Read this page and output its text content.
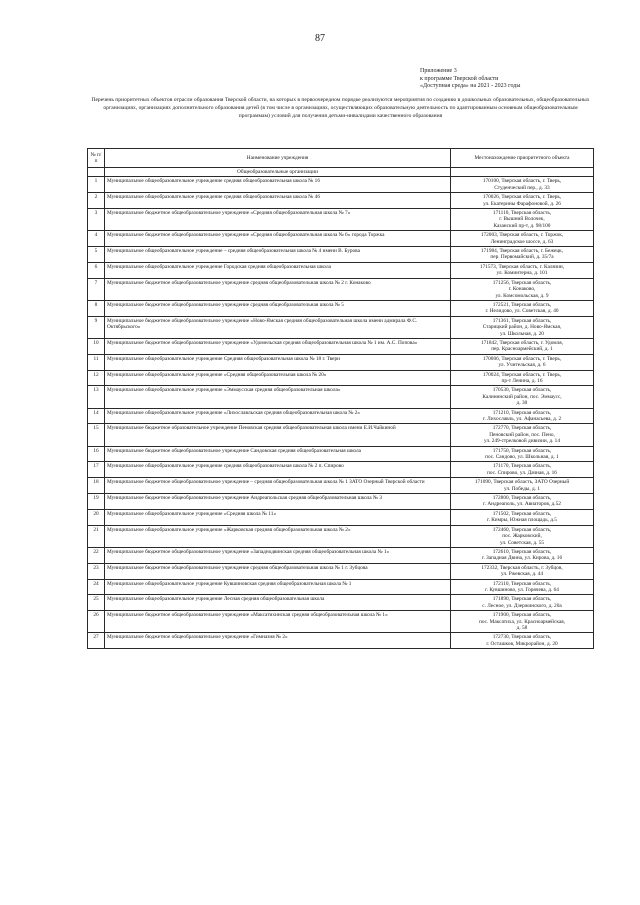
87
Приложение 3
к программе Тверской области
«Доступная среда» на 2021 - 2023 годы
Перечень приоритетных объектов отрасли образования Тверской области, на которых в первоочередном порядке реализуются мероприятия по созданию в дошкольных образовательных, общеобразовательных организациях, организациях дополнительного образования детей (в том числе в организациях, осуществляющих образовательную деятельность по адаптированным основным общеобразовательным программам) условий для получения детьми-инвалидами качественного образования
№ п/п	Наименование учреждения	Местонахождение приоритетного объекта
	Общеобразовательные организации	
1	Муниципальное общеобразовательное учреждение средняя общеобразовательная школа № 16	170100, Тверская область, г. Тверь,
Студенческий пер., д. 33

2	Муниципальное общеобразовательное учреждение средняя общеобразовательная школа № 46	170026, Тверская область, г. Тверь,
ул. Екатерины Фарафоновой, д. 26

3	Муниципальное бюджетное общеобразовательное учреждение «Средняя общеобразовательная школа № 7»	171110, Тверская область,
г. Вышний Волочек,
Казанский пр-т, д. 98/100

4	Муниципальное бюджетное общеобразовательное учреждение «Средняя общеобразовательная школа № 6» города Торжка	172003, Тверская область, г. Торжок,
Ленинградское шоссе, д. 63

5	Муниципальное общеобразовательное учреждение – средняя общеобразовательная школа № 4 имени В. Бурова	171984, Тверская область, г. Бежецк,
пер. Первомайский, д. 35/7а

6	Муниципальное общеобразовательное учреждение Городская средняя общеобразовательная школа	171573, Тверская область, г. Калязин,
ул. Коминтерна, д. 101

7	Муниципальное бюджетное общеобразовательное учреждение средняя общеобразовательная школа № 2 г. Конаково	171256, Тверская область,
г. Конаково,
ул. Комсомольская, д. 9

8	Муниципальное бюджетное общеобразовательное учреждение средняя общеобразовательная школа № 5	172521, Тверская область,
г. Нелидово, ул. Советская, д. 40

9	Муниципальное бюджетное общеобразовательное учреждение «Ново-Ямская средняя общеобразовательная школа имени адмирала Ф.С. Октябрьского»	171361, Тверская область,
Старицкий район, д. Ново-Ямская,
ул. Школьная, д. 20

10	Муниципальное бюджетное общеобразовательное учреждение «Удомельская средняя общеобразовательная школа № 1 им. А.С. Попова»	171842, Тверская область, г. Удомля,
пер. Красноармейский, д. 1

11	Муниципальное общеобразовательное учреждение Средняя общеобразовательная школа № 18 г. Твери	170006, Тверская область, г. Тверь,
ул. Учительская, д. 6

12	Муниципальное общеобразовательное учреждение «Средняя общеобразовательная школа № 20»	170024, Тверская область, г. Тверь,
пр-т Ленина, д. 16

13	Муниципальное общеобразовательное учреждение «Эммаусская средняя общеобразовательная школа»	170530, Тверская область,
Калининский район, пос. Эммаусс,
д. 30

14	Муниципальное общеобразовательное учреждение «Лихославльская средняя общеобразовательная школа № 2»	171210, Тверская область,
г. Лихославль, ул. Афанасьева, д. 2

15	Муниципальное бюджетное образовательное учреждение Пеновская средняя общеобразовательная школа имени Е.И.Чайкиной	172770, Тверская область,
Пеновский район, пос. Пено,
ул. 249-стрелковой дивизии, д. 14

16	Муниципальное бюджетное общеобразовательное учреждение Сандовская средняя общеобразовательная школа	171750, Тверская область,
пос. Сандово, ул. Школьная, д. 1

17	Муниципальное общеобразовательное учреждение средняя общеобразовательная школа № 2 п. Спирово	171170, Тверская область,
пос. Спирово, ул. Дачная, д. 16

18	Муниципальное бюджетное общеобразовательное учреждение – средняя общеобразовательная школа № 1 ЗАТО Озерный Тверской области	171090, Тверская область, ЗАТО Озерный
ул. Победы, д. 1

19	Муниципальное бюджетное общеобразовательное учреждение Андреапольская средняя общеобразовательная школа № 3	172800, Тверская область,
г. Андреаполь, ул. Авиаторов, д.52

20	Муниципальное общеобразовательное учреждение «Средняя школа № 11»	171502, Тверская область,
г. Кимры, Южная площадь, д.5

21	Муниципальное общеобразовательное учреждение «Жарковская средняя общеобразовательная школа № 2»	172460, Тверская область,
пос. Жарковский,
ул. Советская, д. 55

22	Муниципальное бюджетное общеобразовательное учреждение «Западнодвинская средняя общеобразовательная школа № 1»	172610, Тверская область,
г. Западная Двина, ул. Кирова, д. 16

23	Муниципальное бюджетное общеобразовательное учреждение средняя общеобразовательная школа № 1 г. Зубцова	172332, Тверская область, г. Зубцов,
ул. Ржевская, д. 44

24	Муниципальное общеобразовательное учреждение Кувшиновская средняя общеобразовательная школа № 1	172110, Тверская область,
г. Кувшиново, ул. Горячева, д. 64

25	Муниципальное общеобразовательное учреждение Лесная средняя общеобразовательная школа	171890, Тверская область,
с. Лесное, ул. Дзержинского, д. 20а

26	Муниципальное бюджетное общеобразовательное учреждение «Максатихинская средняя общеобразовательная школа № 1»	171900, Тверская область,
пос. Максатиха, ул. Красноармейская,
д. 58

27	Муниципальное бюджетное общеобразовательное учреждение «Гимназия № 2»	172730, Тверская область,
г. Осташков, Микрорайон, д. 20
